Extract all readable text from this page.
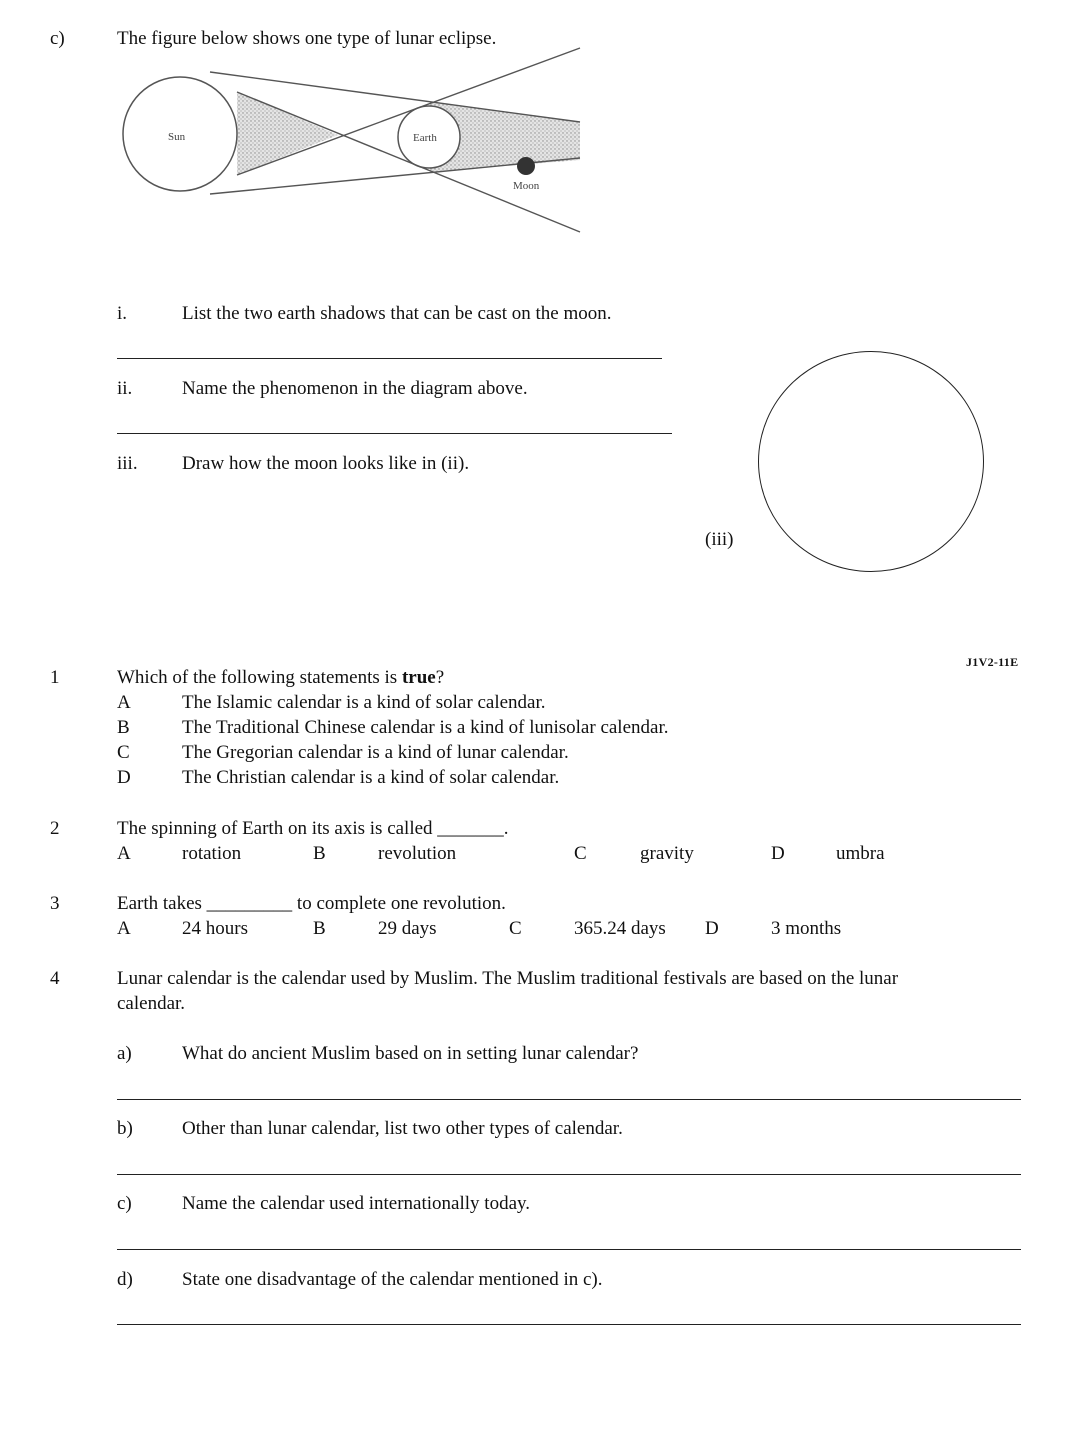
c)	The figure below shows one type of lunar eclipse.
Sun	Earth
Moon
i.	List the two earth shadows that can be cast on the moon.
ii.	Name the phenomenon in the diagram above.
iii. Draw how the moon looks like in (ii).
(iii)
J1V2-11E
1	Which of the following statements is true?
A	The Islamic calendar is a kind of solar calendar.
B	The Traditional Chinese calendar is a kind of lunisolar calendar.
C	The Gregorian calendar is a kind of lunar calendar.
D	The Christian calendar is a kind of solar calendar.
2	The spinning of Earth on its axis is called _______.
A	rotation	B	revolution	C	gravity	D	umbra
3	Earth takes _________ to complete one revolution.
A	24 hours	B	29 days	C	365.24 days D	3 months
4	Lunar calendar is the calendar used by Muslim. The Muslim traditional festivals are based on the lunar
calendar.
a)	What do ancient Muslim based on in setting lunar calendar?
b)	Other than lunar calendar, list two other types of calendar.
c)	Name the calendar used internationally today.
d)	State one disadvantage of the calendar mentioned in c).
